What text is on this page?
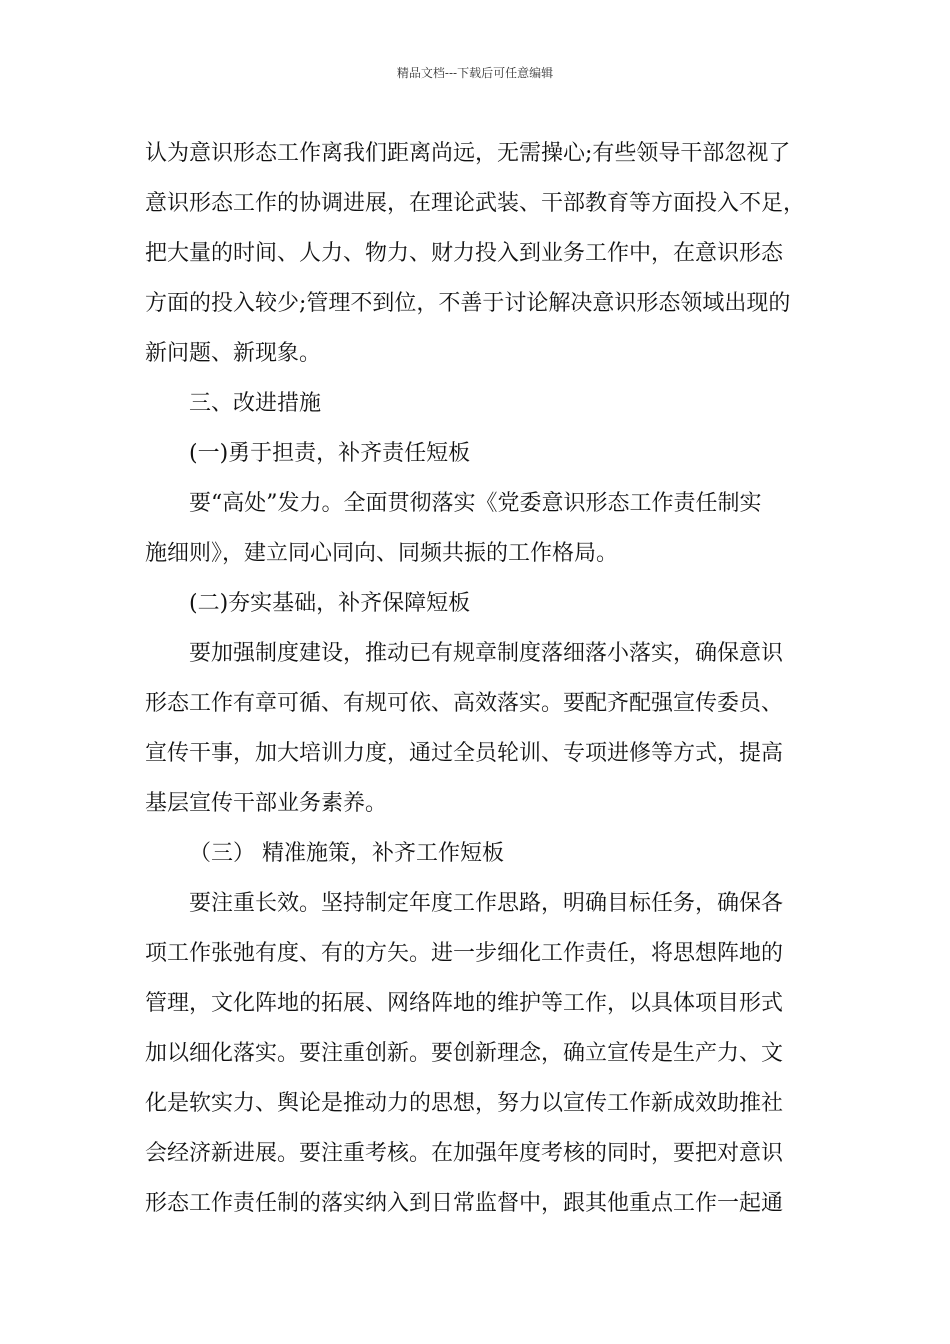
精品文档---下载后可任意编辑
认为意识形态工作离我们距离尚远，无需操心;有些领导干部忽视了
意识形态工作的协调进展，在理论武装、干部教育等方面投入不足，
把大量的时间、人力、物力、财力投入到业务工作中，在意识形态
方面的投入较少;管理不到位，不善于讨论解决意识形态领域出现的
新问题、新现象。
三、改进措施
(一)勇于担责，补齐责任短板
要“高处”发力。全面贯彻落实《党委意识形态工作责任制实
施细则》，建立同心同向、同频共振的工作格局。
(二)夯实基础，补齐保障短板
要加强制度建设，推动已有规章制度落细落小落实，确保意识
形态工作有章可循、有规可依、高效落实。要配齐配强宣传委员、
宣传干事，加大培训力度，通过全员轮训、专项进修等方式，提高
基层宣传干部业务素养。
（三） 精准施策，补齐工作短板
要注重长效。坚持制定年度工作思路，明确目标任务，确保各
项工作张弛有度、有的方矢。进一步细化工作责任，将思想阵地的
管理，文化阵地的拓展、网络阵地的维护等工作，以具体项目形式
加以细化落实。要注重创新。要创新理念，确立宣传是生产力、文
化是软实力、舆论是推动力的思想，努力以宣传工作新成效助推社
会经济新进展。要注重考核。在加强年度考核的同时，要把对意识
形态工作责任制的落实纳入到日常监督中，跟其他重点工作一起通
